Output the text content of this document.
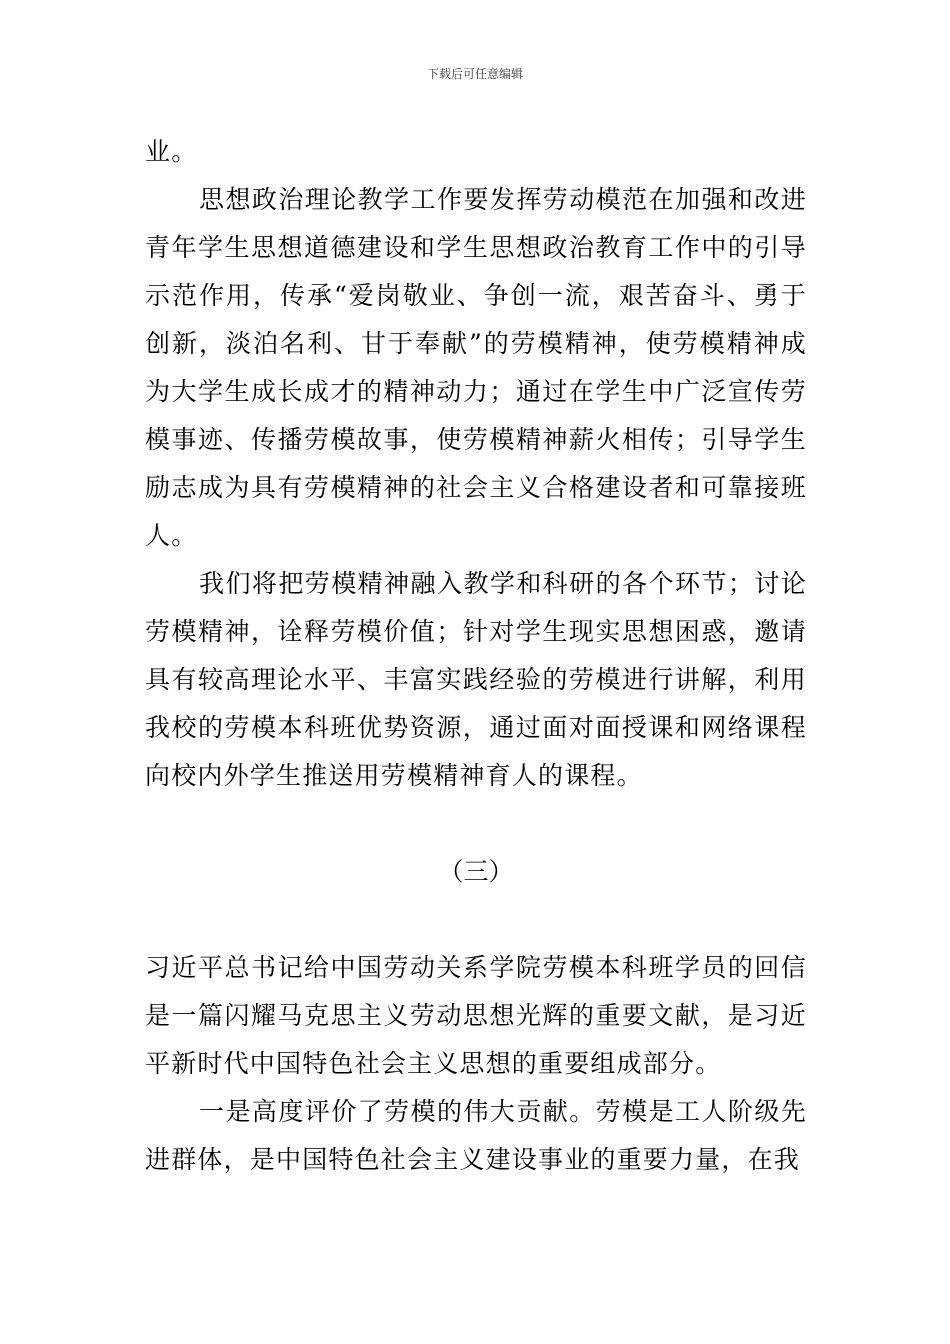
下载后可任意编辑

业。

思想政治理论教学工作要发挥劳动模范在加强和改进青年学生思想道德建设和学生思想政治教育工作中的引导示范作用，传承“爱岗敬业、争创一流，艰苦奋斗、勇于创新，淡泊名利、甘于奉献”的劳模精神，使劳模精神成为大学生成长成才的精神动力；通过在学生中广泛宣传劳模事迹、传播劳模故事，使劳模精神薪火相传；引导学生励志成为具有劳模精神的社会主义合格建设者和可靠接班人。

我们将把劳模精神融入教学和科研的各个环节；讨论劳模精神，诠释劳模价值；针对学生现实思想困惑，邀请具有较高理论水平、丰富实践经验的劳模进行讲解，利用我校的劳模本科班优势资源，通过面对面授课和网络课程向校内外学生推送用劳模精神育人的课程。

（三）

习近平总书记给中国劳动关系学院劳模本科班学员的回信是一篇闪耀马克思主义劳动思想光辉的重要文献，是习近平新时代中国特色社会主义思想的重要组成部分。

一是高度评价了劳模的伟大贡献。劳模是工人阶级先进群体，是中国特色社会主义建设事业的重要力量，在我
